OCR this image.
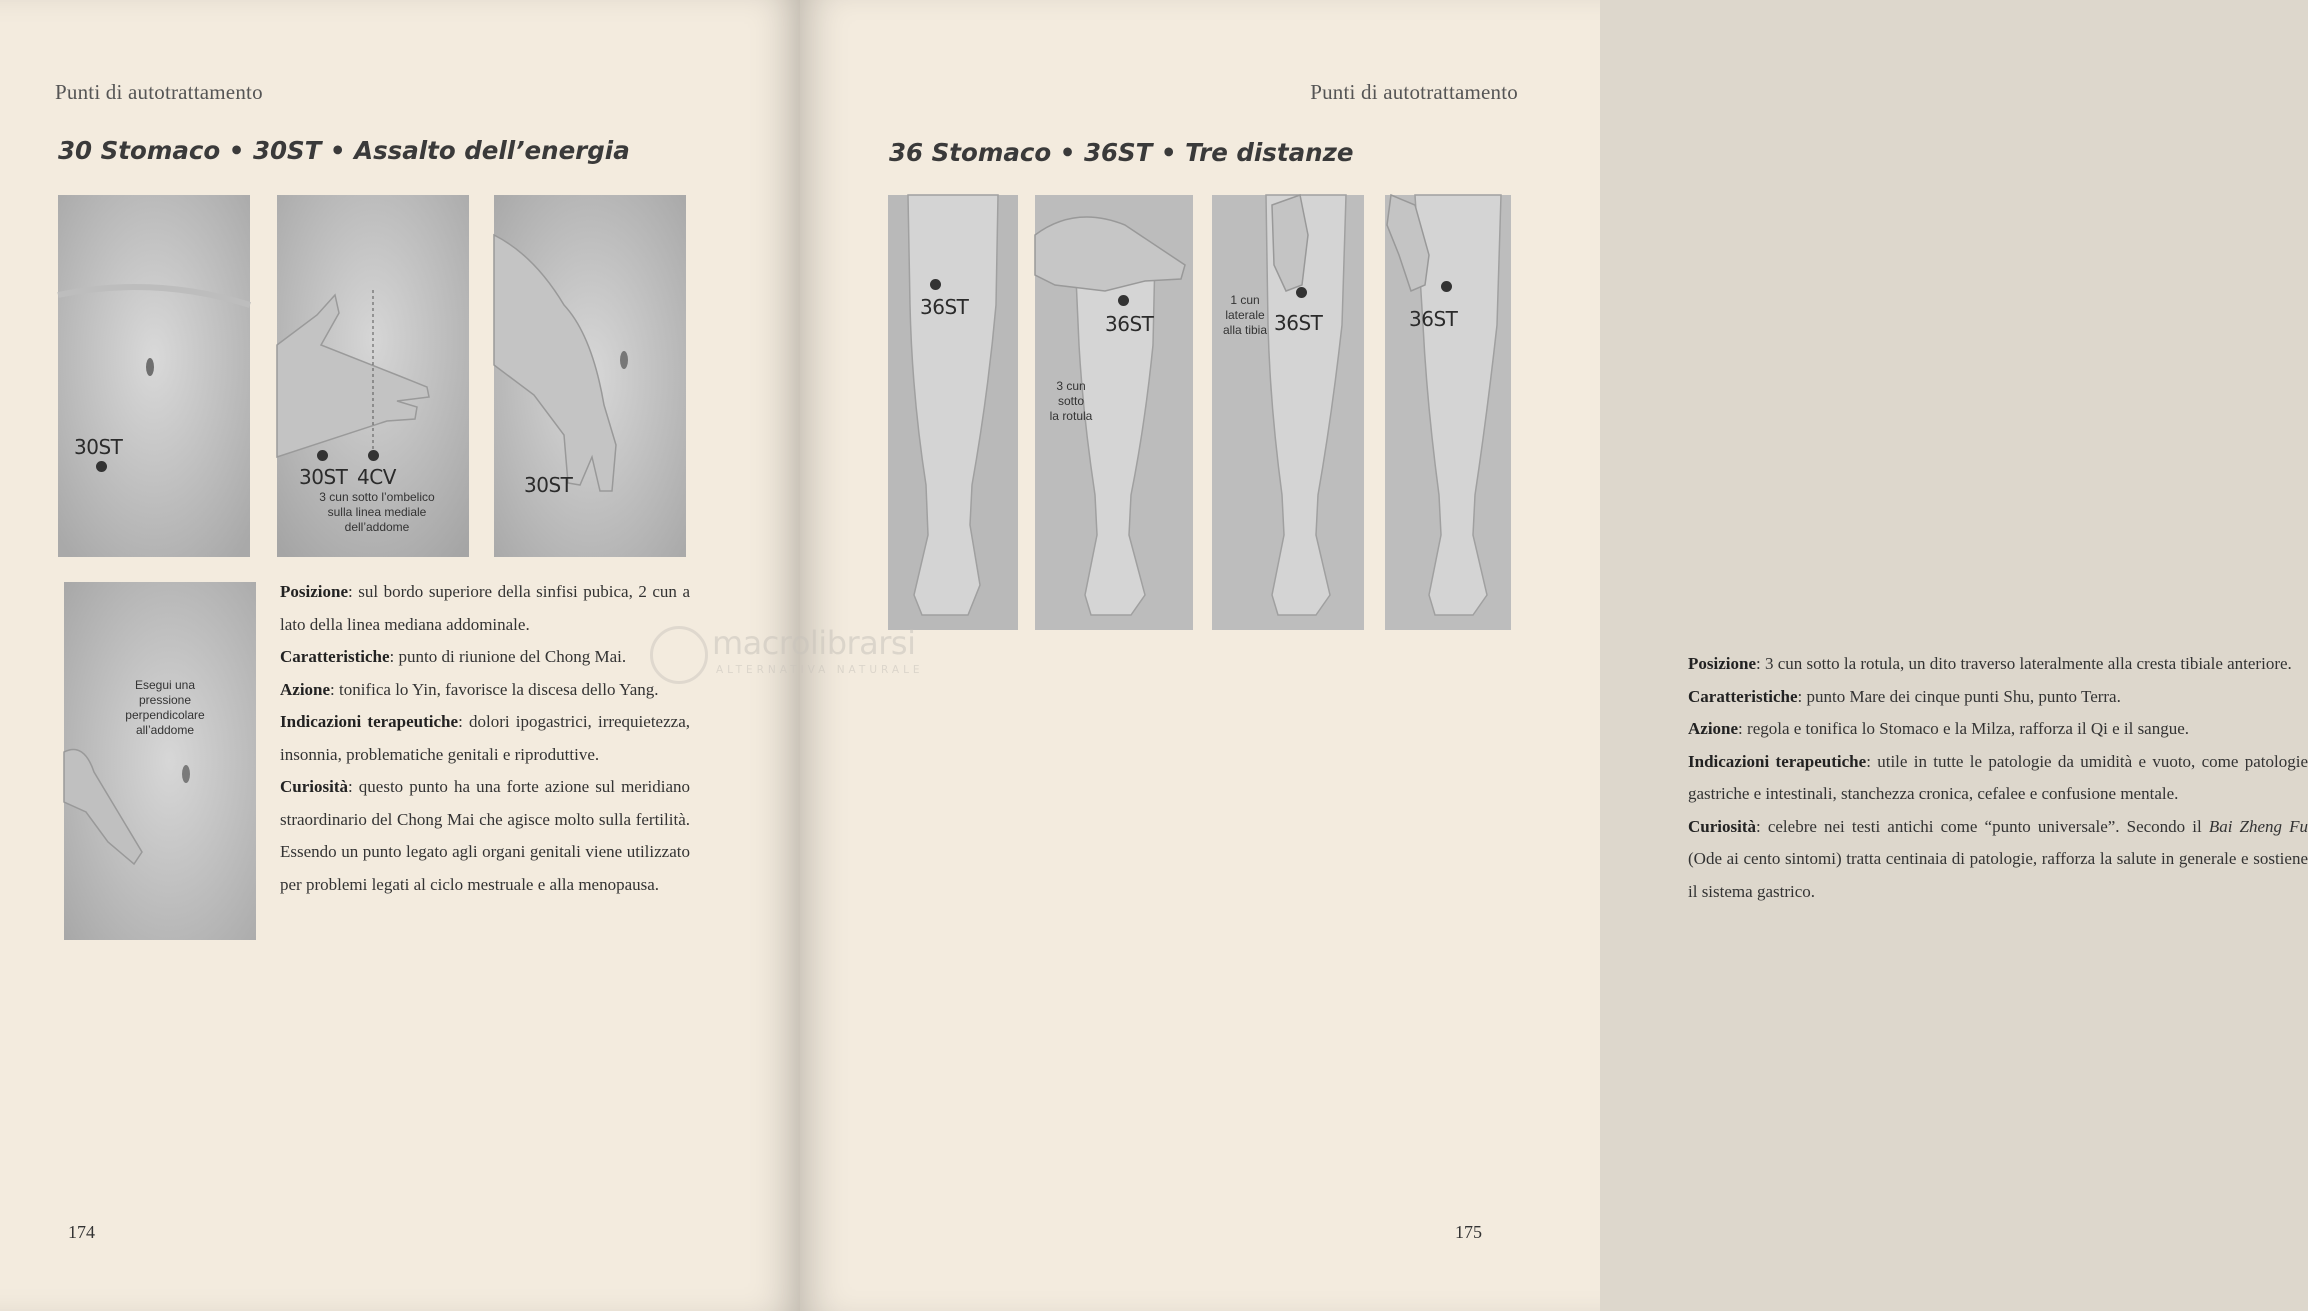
Punti di autotrattamento
30 Stomaco • 30ST • Assalto dell’energia
30ST
30ST 4CV
3 cun sotto l’ombelico
sulla linea mediale
dell’addome
30ST
Esegui una
pressione
perpendicolare
all’addome

Posizione: sul bordo superiore della sinfisi pubica, 2 cun a lato della linea mediana addominale.

Caratteristiche: punto di riunione del Chong Mai.

Azione: tonifica lo Yin, favorisce la discesa dello Yang.

Indicazioni terapeutiche: dolori ipogastrici, irrequietezza, insonnia, problematiche genitali e riproduttive.

Curiosità: questo punto ha una forte azione sul meridiano straordinario del Chong Mai che agisce molto sulla fertilità. Essendo un punto legato agli organi genitali viene utilizzato per problemi legati al ciclo mestruale e alla menopausa.

174
Punti di autotrattamento
36 Stomaco • 36ST • Tre distanze
36ST
36ST
3 cun
sotto
la rotula
36ST
1 cun
laterale
alla tibia	36ST

Posizione: 3 cun sotto la rotula, un dito traverso lateralmente alla cresta tibiale anteriore.

Caratteristiche: punto Mare dei cinque punti Shu, punto Terra.

Azione: regola e tonifica lo Stomaco e la Milza, rafforza il Qi e il sangue.

Indicazioni terapeutiche: utile in tutte le patologie da umidità e vuoto, come patologie gastriche e intestinali, stanchezza cronica, cefalee e confusione mentale.

Curiosità: celebre nei testi antichi come “punto universale”. Secondo il Bai Zheng Fu (Ode ai cento sintomi) tratta centinaia di patologie, rafforza la salute in generale e sostiene il sistema gastrico.

175
macrolibrarsi
ALTERNATIVA NATURALE
